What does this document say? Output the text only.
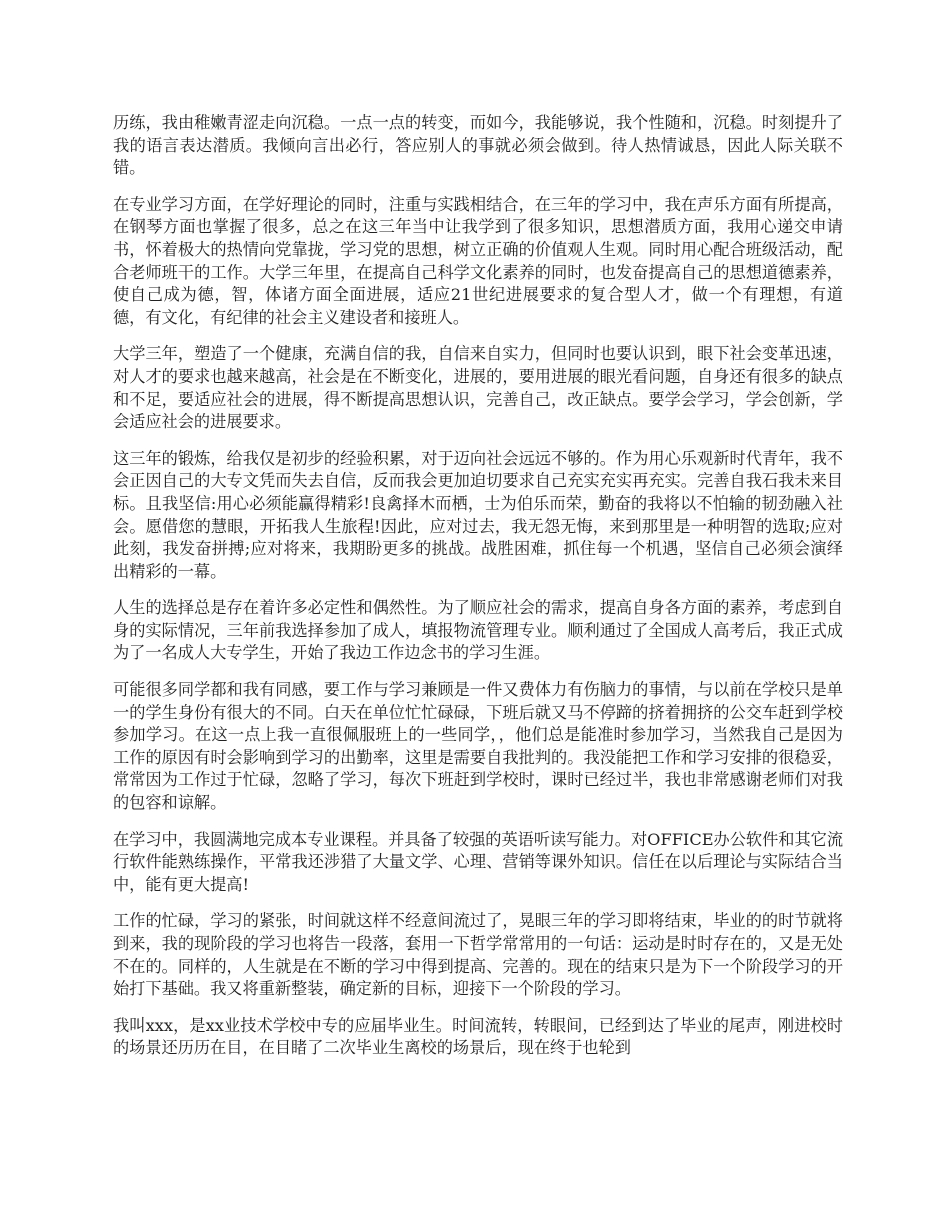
历练，我由稚嫩青涩走向沉稳。一点一点的转变，而如今，我能够说，我个性随和，沉稳。时刻提升了我的语言表达潜质。我倾向言出必行，答应别人的事就必须会做到。待人热情诚恳，因此人际关联不错。

在专业学习方面，在学好理论的同时，注重与实践相结合，在三年的学习中，我在声乐方面有所提高，在钢琴方面也掌握了很多，总之在这三年当中让我学到了很多知识，思想潜质方面，我用心递交申请书，怀着极大的热情向党靠拢，学习党的思想，树立正确的价值观人生观。同时用心配合班级活动，配合老师班干的工作。大学三年里，在提高自己科学文化素养的同时，也发奋提高自己的思想道德素养，使自己成为德，智，体诸方面全面进展，适应21世纪进展要求的复合型人才，做一个有理想，有道德，有文化，有纪律的社会主义建设者和接班人。

大学三年，塑造了一个健康，充满自信的我，自信来自实力，但同时也要认识到，眼下社会变革迅速，对人才的要求也越来越高，社会是在不断变化，进展的，要用进展的眼光看问题，自身还有很多的缺点和不足，要适应社会的进展，得不断提高思想认识，完善自己，改正缺点。要学会学习，学会创新，学会适应社会的进展要求。

这三年的锻炼，给我仅是初步的经验积累，对于迈向社会远远不够的。作为用心乐观新时代青年，我不会正因自己的大专文凭而失去自信，反而我会更加迫切要求自己充实充实再充实。完善自我石我未来目标。且我坚信:用心必须能赢得精彩!良禽择木而栖，士为伯乐而荣，勤奋的我将以不怕输的韧劲融入社会。愿借您的慧眼，开拓我人生旅程!因此，应对过去，我无怨无悔，来到那里是一种明智的选取;应对此刻，我发奋拼搏;应对将来，我期盼更多的挑战。战胜困难，抓住每一个机遇，坚信自己必须会演绎出精彩的一幕。

人生的选择总是存在着许多必定性和偶然性。为了顺应社会的需求，提高自身各方面的素养，考虑到自身的实际情况，三年前我选择参加了成人，填报物流管理专业。顺利通过了全国成人高考后，我正式成为了一名成人大专学生，开始了我边工作边念书的学习生涯。

可能很多同学都和我有同感，要工作与学习兼顾是一件又费体力有伤脑力的事情，与以前在学校只是单一的学生身份有很大的不同。白天在单位忙忙碌碌，下班后就又马不停蹄的挤着拥挤的公交车赶到学校参加学习。在这一点上我一直很佩服班上的一些同学，，他们总是能准时参加学习，当然我自己是因为工作的原因有时会影响到学习的出勤率，这里是需要自我批判的。我没能把工作和学习安排的很稳妥，常常因为工作过于忙碌，忽略了学习，每次下班赶到学校时，课时已经过半，我也非常感谢老师们对我的包容和谅解。

在学习中，我圆满地完成本专业课程。并具备了较强的英语听读写能力。对OFFICE办公软件和其它流行软件能熟练操作，平常我还涉猎了大量文学、心理、营销等课外知识。信任在以后理论与实际结合当中，能有更大提高!

工作的忙碌，学习的紧张，时间就这样不经意间流过了，晃眼三年的学习即将结束，毕业的的时节就将到来，我的现阶段的学习也将告一段落，套用一下哲学常常用的一句话：运动是时时存在的，又是无处不在的。同样的，人生就是在不断的学习中得到提高、完善的。现在的结束只是为下一个阶段学习的开始打下基础。我又将重新整装，确定新的目标，迎接下一个阶段的学习。

我叫xxx，是xx业技术学校中专的应届毕业生。时间流转，转眼间，已经到达了毕业的尾声，刚进校时的场景还历历在目，在目睹了二次毕业生离校的场景后，现在终于也轮到
